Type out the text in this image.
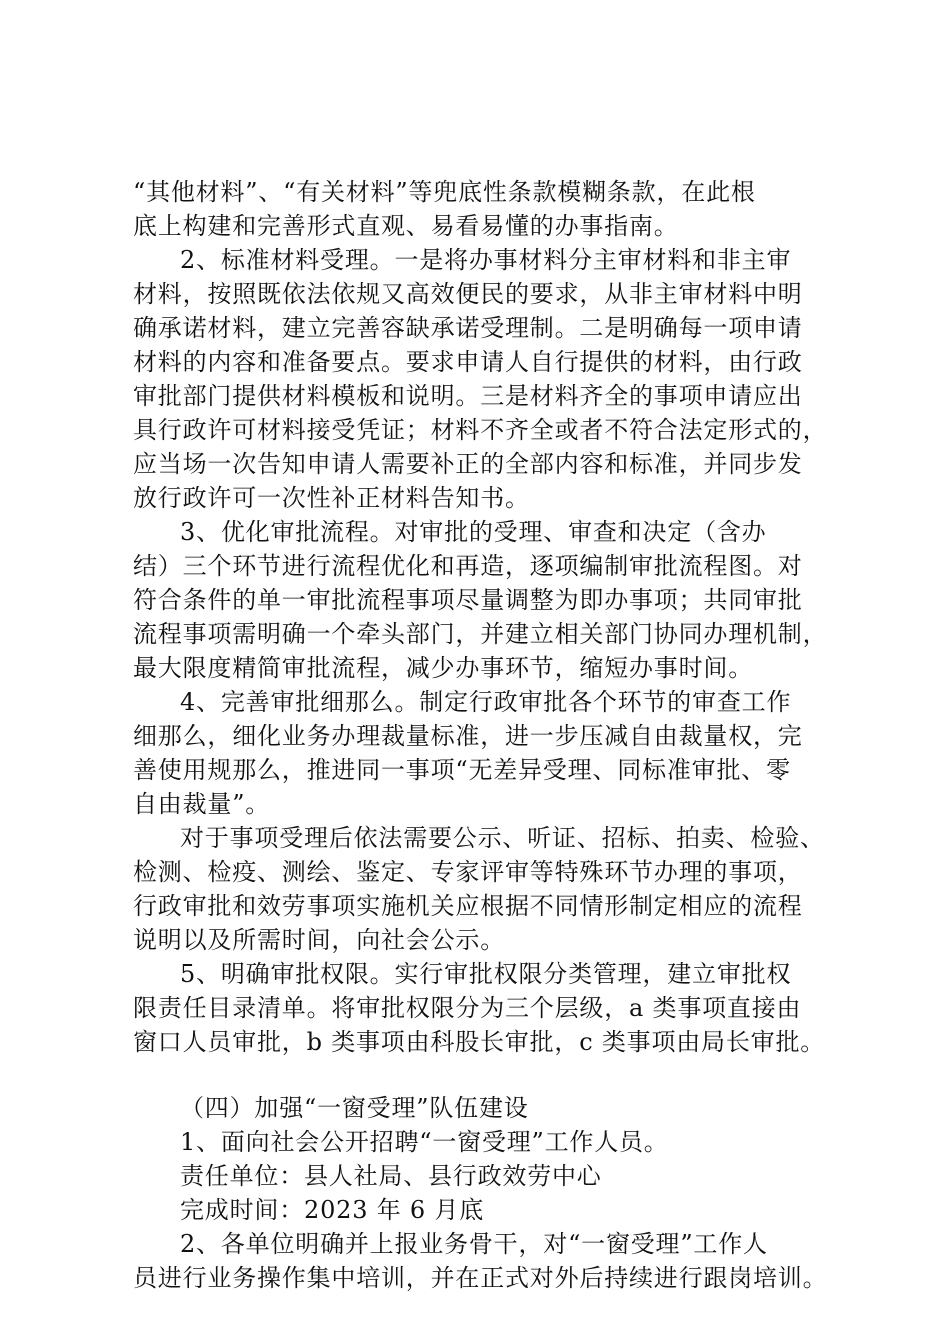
“其他材料”、“有关材料”等兜底性条款模糊条款，在此根
底上构建和完善形式直观、易看易懂的办事指南。
2、标准材料受理。一是将办事材料分主审材料和非主审
材料，按照既依法依规又高效便民的要求，从非主审材料中明
确承诺材料，建立完善容缺承诺受理制。二是明确每一项申请
材料的内容和准备要点。要求申请人自行提供的材料，由行政
审批部门提供材料模板和说明。三是材料齐全的事项申请应出
具行政许可材料接受凭证；材料不齐全或者不符合法定形式的，
应当场一次告知申请人需要补正的全部内容和标准，并同步发
放行政许可一次性补正材料告知书。
3、优化审批流程。对审批的受理、审查和决定（含办
结）三个环节进行流程优化和再造，逐项编制审批流程图。对
符合条件的单一审批流程事项尽量调整为即办事项；共同审批
流程事项需明确一个牵头部门，并建立相关部门协同办理机制，
最大限度精简审批流程，减少办事环节，缩短办事时间。
4、完善审批细那么。制定行政审批各个环节的审查工作
细那么，细化业务办理裁量标准，进一步压减自由裁量权，完
善使用规那么，推进同一事项“无差异受理、同标准审批、零
自由裁量”。
对于事项受理后依法需要公示、听证、招标、拍卖、检验、
检测、检疫、测绘、鉴定、专家评审等特殊环节办理的事项，
行政审批和效劳事项实施机关应根据不同情形制定相应的流程
说明以及所需时间，向社会公示。
5、明确审批权限。实行审批权限分类管理，建立审批权
限责任目录清单。将审批权限分为三个层级，a 类事项直接由
窗口人员审批，b 类事项由科股长审批，c 类事项由局长审批。
（四）加强“一窗受理”队伍建设
1、面向社会公开招聘“一窗受理”工作人员。
责任单位：县人社局、县行政效劳中心
完成时间：2023 年 6 月底
2、各单位明确并上报业务骨干，对“一窗受理”工作人
员进行业务操作集中培训，并在正式对外后持续进行跟岗培训。
